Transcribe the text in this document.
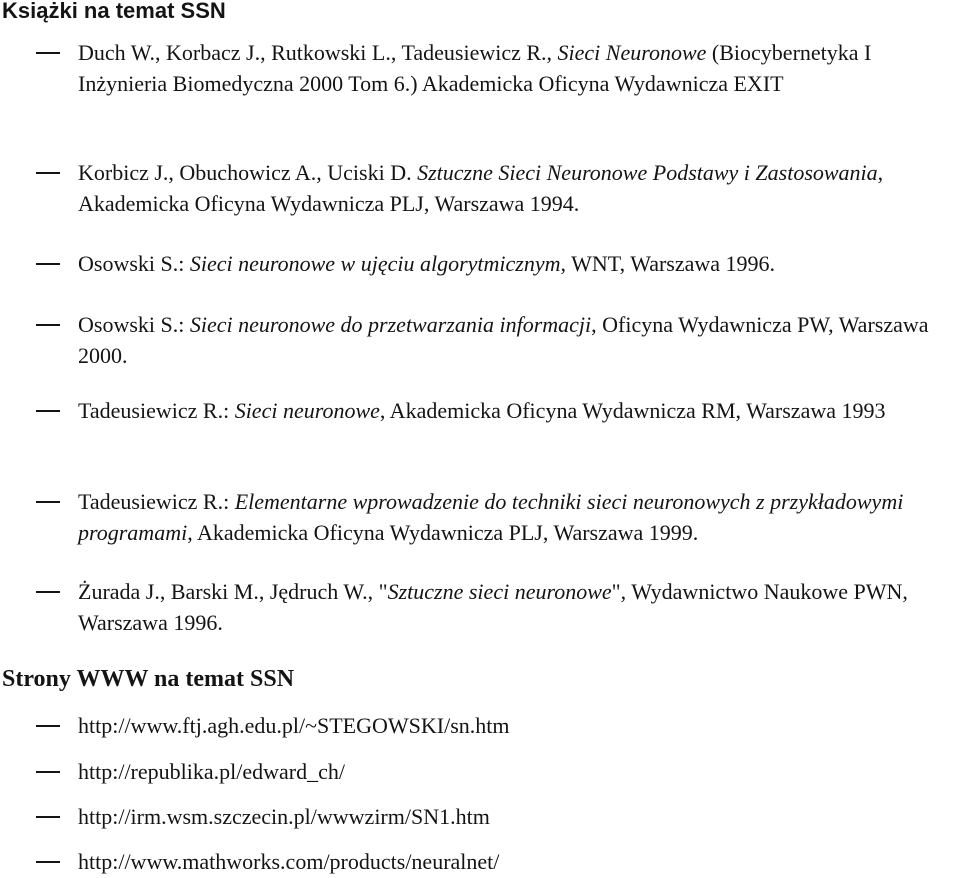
Książki na temat SSN
Duch W., Korbacz J., Rutkowski L., Tadeusiewicz R., Sieci Neuronowe (Biocybernetyka I Inżynieria Biomedyczna 2000 Tom 6.) Akademicka Oficyna Wydawnicza EXIT
Korbicz J., Obuchowicz A., Uciski D. Sztuczne Sieci Neuronowe Podstawy i Zastosowania, Akademicka Oficyna Wydawnicza PLJ, Warszawa 1994.
Osowski S.: Sieci neuronowe w ujęciu algorytmicznym, WNT, Warszawa 1996.
Osowski S.: Sieci neuronowe do przetwarzania informacji, Oficyna Wydawnicza PW, Warszawa 2000.
Tadeusiewicz R.: Sieci neuronowe, Akademicka Oficyna Wydawnicza RM, Warszawa 1993
Tadeusiewicz R.: Elementarne wprowadzenie do techniki sieci neuronowych z przykładowymi programami, Akademicka Oficyna Wydawnicza PLJ, Warszawa 1999.
Żurada J., Barski M., Jędruch W., "Sztuczne sieci neuronowe", Wydawnictwo Naukowe PWN, Warszawa 1996.
Strony WWW na temat SSN
http://www.ftj.agh.edu.pl/~STEGOWSKI/sn.htm
http://republika.pl/edward_ch/
http://irm.wsm.szczecin.pl/wwwzirm/SN1.htm
http://www.mathworks.com/products/neuralnet/
